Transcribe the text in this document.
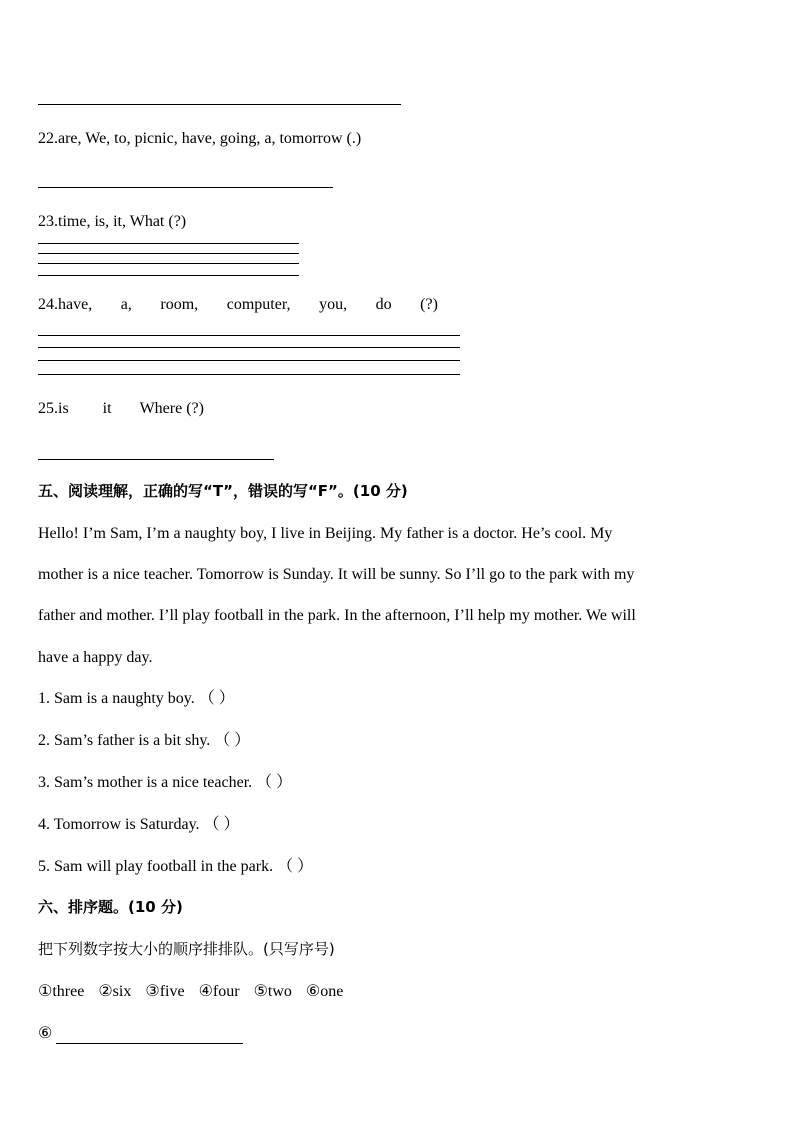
22.are, We, to, picnic, have, going, a, tomorrow (.)
23.time, is, it, What (?)
24.have, a, room, computer, you, do (?)
25.is it Where (?)
五、阅读理解，正确的写“T”，错误的写“F”。(10 分)
Hello! I’m Sam, I’m a naughty boy, I live in Beijing. My father is a doctor. He’s cool. My
mother is a nice teacher. Tomorrow is Sunday. It will be sunny. So I’ll go to the park with my
father and mother. I’ll play football in the park. In the afternoon, I’ll help my mother. We will
have a happy day.
1. Sam is a naughty boy. （ ）
2. Sam’s father is a bit shy. （ ）
3. Sam’s mother is a nice teacher. （ ）
4. Tomorrow is Saturday. （ ）
5. Sam will play football in the park. （ ）
六、排序题。(10 分)
把下列数字按大小的顺序排排队。(只写序号)
①three ②six ③five ④four ⑤two ⑥one
⑥
